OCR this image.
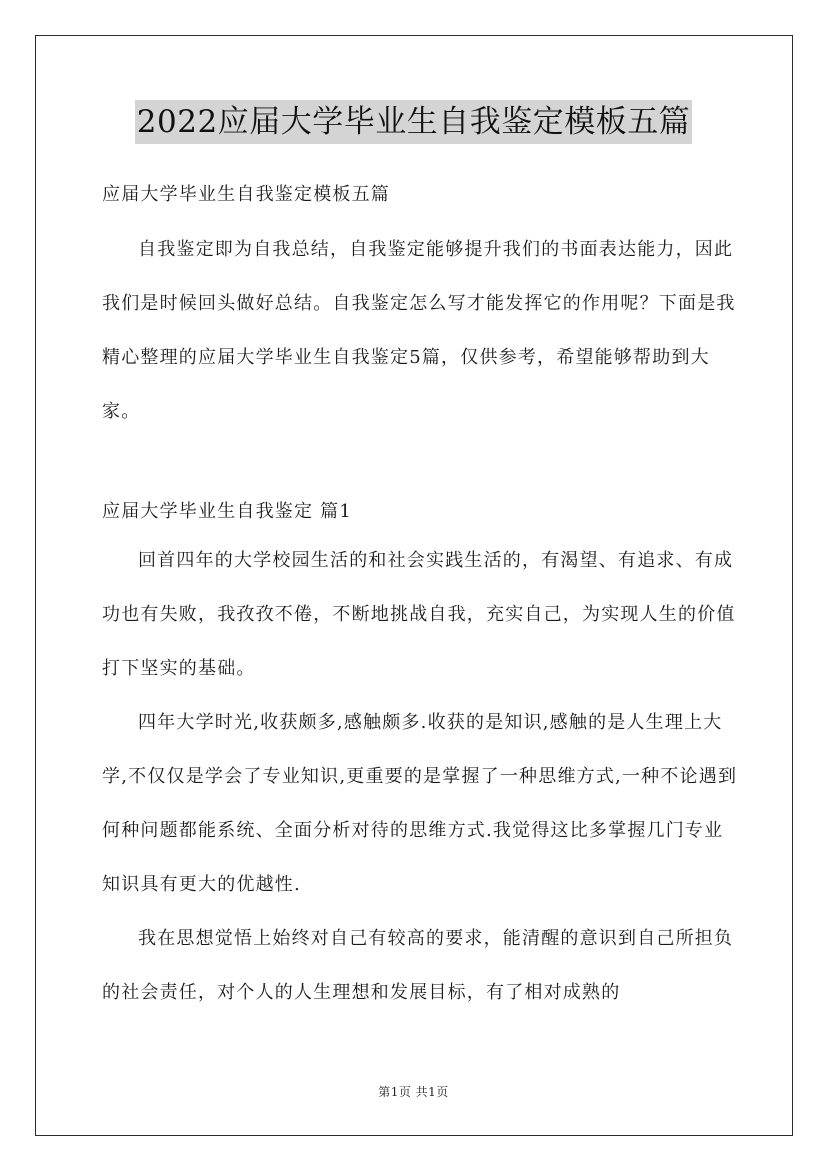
2022应届大学毕业生自我鉴定模板五篇

应届大学毕业生自我鉴定模板五篇

自我鉴定即为自我总结，自我鉴定能够提升我们的书面表达能力，因此我们是时候回头做好总结。自我鉴定怎么写才能发挥它的作用呢？下面是我精心整理的应届大学毕业生自我鉴定5篇，仅供参考，希望能够帮助到大家。

应届大学毕业生自我鉴定 篇1

回首四年的大学校园生活的和社会实践生活的，有渴望、有追求、有成功也有失败，我孜孜不倦，不断地挑战自我，充实自己，为实现人生的价值打下坚实的基础。

四年大学时光,收获颇多,感触颇多.收获的是知识,感触的是人生理上大学,不仅仅是学会了专业知识,更重要的是掌握了一种思维方式,一种不论遇到何种问题都能系统、全面分析对待的思维方式.我觉得这比多掌握几门专业知识具有更大的优越性.

我在思想觉悟上始终对自己有较高的要求，能清醒的意识到自己所担负的社会责任，对个人的人生理想和发展目标，有了相对成熟的

第1页 共1页
